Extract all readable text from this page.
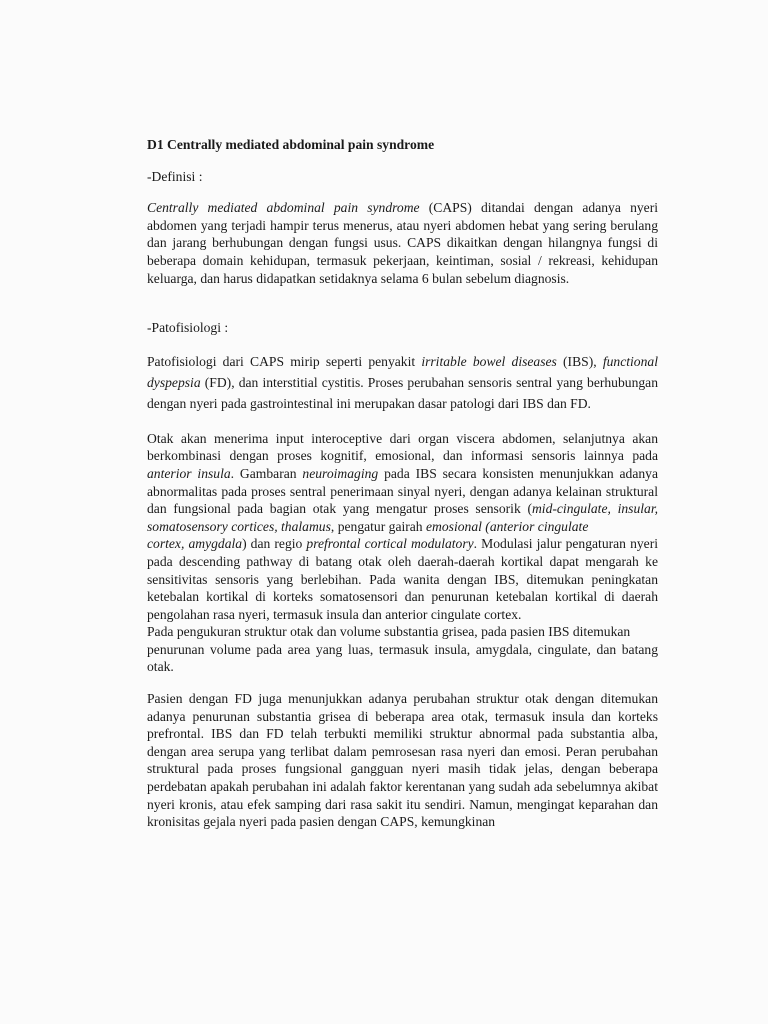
D1 Centrally mediated abdominal pain syndrome

-Definisi :

Centrally mediated abdominal pain syndrome (CAPS) ditandai dengan adanya nyeri abdomen yang terjadi hampir terus menerus, atau nyeri abdomen hebat yang sering berulang dan jarang berhubungan dengan fungsi usus. CAPS dikaitkan dengan hilangnya fungsi di beberapa domain kehidupan, termasuk pekerjaan, keintiman, sosial / rekreasi, kehidupan keluarga, dan harus didapatkan setidaknya selama 6 bulan sebelum diagnosis.

-Patofisiologi :

Patofisiologi dari CAPS mirip seperti penyakit irritable bowel diseases (IBS), functional dyspepsia (FD), dan interstitial cystitis. Proses perubahan sensoris sentral yang berhubungan dengan nyeri pada gastrointestinal ini merupakan dasar patologi dari IBS dan FD.

Otak akan menerima input interoceptive dari organ viscera abdomen, selanjutnya akan berkombinasi dengan proses kognitif, emosional, dan informasi sensoris lainnya pada anterior insula. Gambaran neuroimaging pada IBS secara konsisten menunjukkan adanya abnormalitas pada proses sentral penerimaan sinyal nyeri, dengan adanya kelainan struktural dan fungsional pada bagian otak yang mengatur proses sensorik (mid-cingulate, insular, somatosensory cortices, thalamus, pengatur gairah emosional (anterior cingulate
cortex, amygdala) dan regio prefrontal cortical modulatory. Modulasi jalur pengaturan nyeri pada descending pathway di batang otak oleh daerah-daerah kortikal dapat mengarah ke sensitivitas sensoris yang berlebihan. Pada wanita dengan IBS, ditemukan peningkatan ketebalan kortikal di korteks somatosensori dan penurunan ketebalan kortikal di daerah pengolahan rasa nyeri, termasuk insula dan anterior cingulate cortex.

Pada pengukuran struktur otak dan volume substantia grisea, pada pasien IBS ditemukan

penurunan volume pada area yang luas, termasuk insula, amygdala, cingulate, dan batang otak.

Pasien dengan FD juga menunjukkan adanya perubahan struktur otak dengan ditemukan adanya penurunan substantia grisea di beberapa area otak, termasuk insula dan korteks prefrontal. IBS dan FD telah terbukti memiliki struktur abnormal pada substantia alba, dengan area serupa yang terlibat dalam pemrosesan rasa nyeri dan emosi. Peran perubahan struktural pada proses fungsional gangguan nyeri masih tidak jelas, dengan beberapa perdebatan apakah perubahan ini adalah faktor kerentanan yang sudah ada sebelumnya akibat nyeri kronis, atau efek samping dari rasa sakit itu sendiri. Namun, mengingat keparahan dan kronisitas gejala nyeri pada pasien dengan CAPS, kemungkinan
